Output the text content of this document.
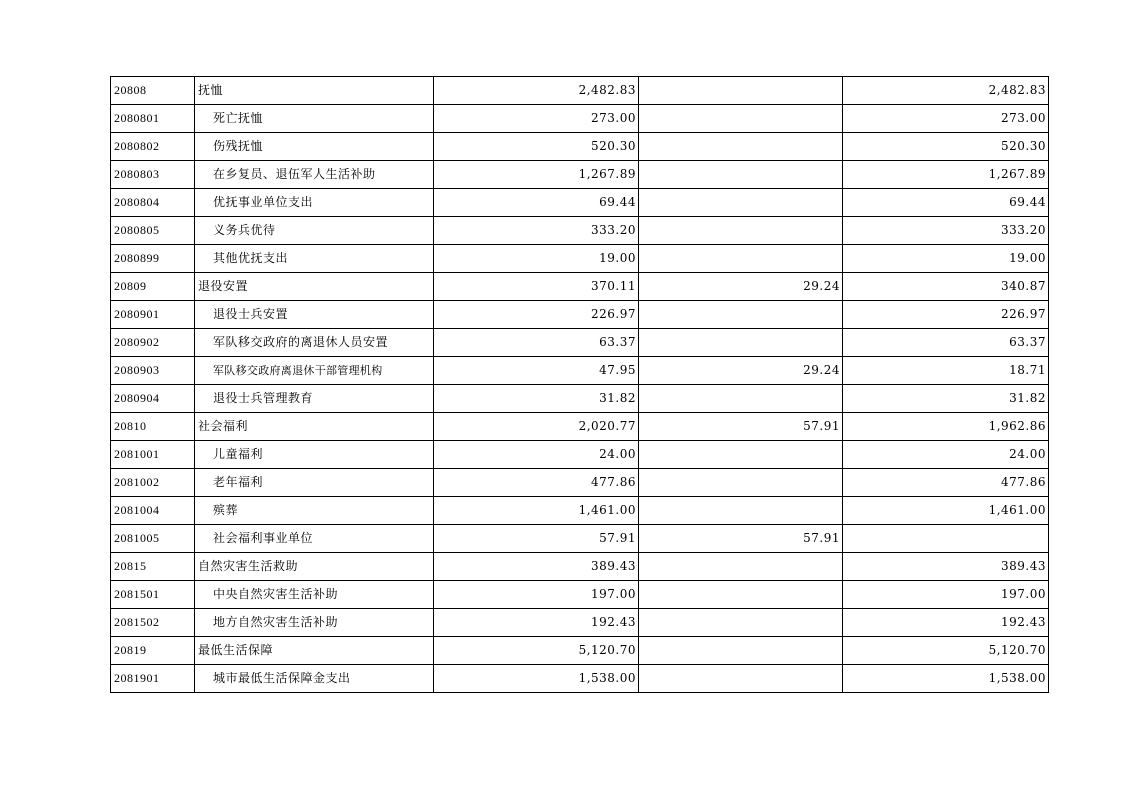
20808	抚恤	2,482.83		2,482.83
2080801	死亡抚恤	273.00		273.00
2080802	伤残抚恤	520.30		520.30
2080803	在乡复员、退伍军人生活补助	1,267.89		1,267.89
2080804	优抚事业单位支出	69.44		69.44
2080805	义务兵优待	333.20		333.20
2080899	其他优抚支出	19.00		19.00
20809	退役安置	370.11	29.24	340.87
2080901	退役士兵安置	226.97		226.97
2080902	军队移交政府的离退休人员安置	63.37		63.37
2080903	军队移交政府离退休干部管理机构	47.95	29.24	18.71
2080904	退役士兵管理教育	31.82		31.82
20810	社会福利	2,020.77	57.91	1,962.86
2081001	儿童福利	24.00		24.00
2081002	老年福利	477.86		477.86
2081004	殡葬	1,461.00		1,461.00
2081005	社会福利事业单位	57.91	57.91	
20815	自然灾害生活救助	389.43		389.43
2081501	中央自然灾害生活补助	197.00		197.00
2081502	地方自然灾害生活补助	192.43		192.43
20819	最低生活保障	5,120.70		5,120.70
2081901	城市最低生活保障金支出	1,538.00		1,538.00
